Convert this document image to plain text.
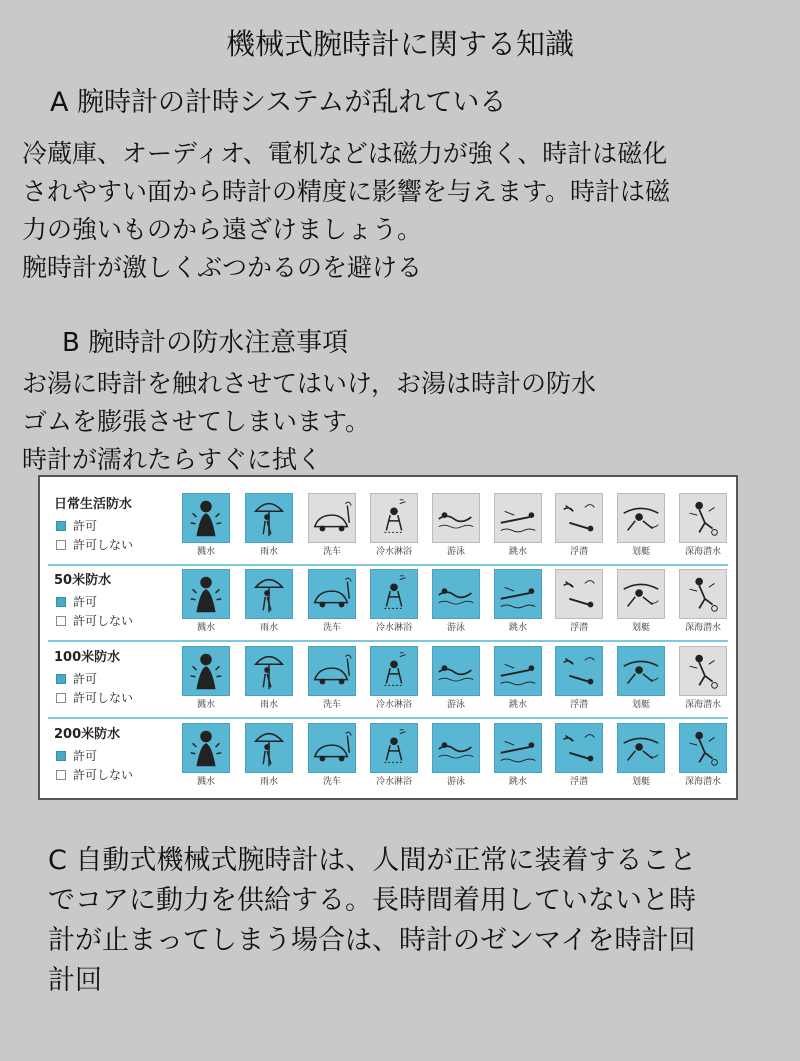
機械式腕時計に関する知識
A 腕時計の計時システムが乱れている

冷蔵庫、オーディオ、電机などは磁力が強く、時計は磁化

されやすい面から時計の精度に影響を与えます。時計は磁

力の強いものから遠ざけましょう。

腕時計が激しくぶつかるのを避ける

B 腕時計の防水注意事項

お湯に時計を触れさせてはいけ，お湯は時計の防水

ゴムを膨張させてしまいます。

時計が濡れたらすぐに拭く

日常生活防水
許可
許可しない	溅水	雨水	洗车	冷水淋浴	游泳	跳水	浮潜	划艇	深海潜水
50米防水
許可
許可しない	溅水	雨水	洗车	冷水淋浴	游泳	跳水	浮潜	划艇	深海潜水
100米防水
許可
許可しない	溅水	雨水	洗车	冷水淋浴	游泳	跳水	浮潜	划艇	深海潜水
200米防水
許可
許可しない	溅水	雨水	洗车	冷水淋浴	游泳	跳水	浮潜	划艇	深海潜水

C 自動式機械式腕時計は、人間が正常に装着すること

でコアに動力を供給する。長時間着用していないと時

計が止まってしまう場合は、時計のゼンマイを時計回

計回
